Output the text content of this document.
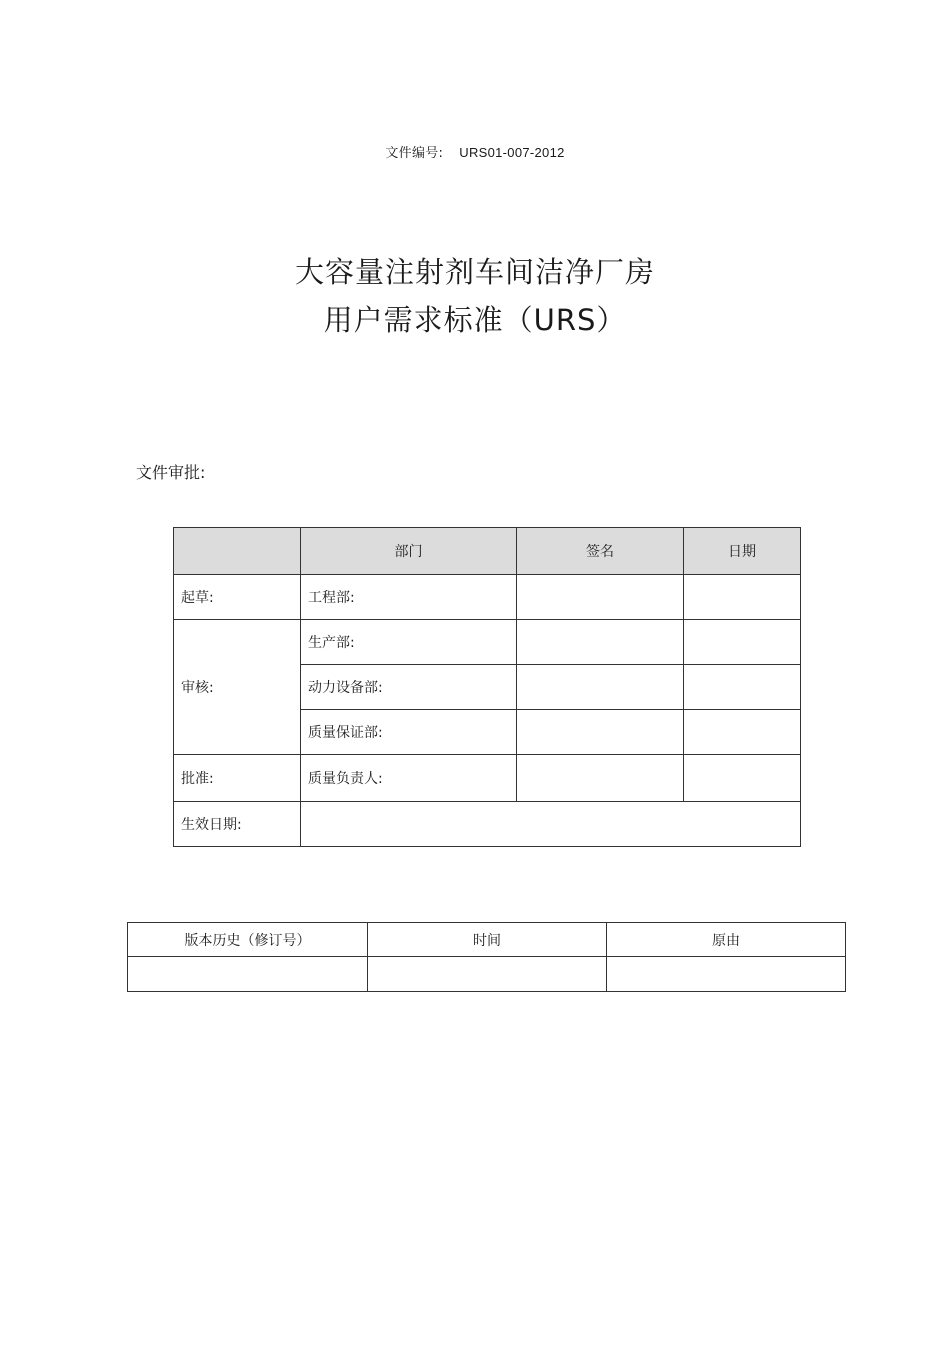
文件编号: URS01-007-2012
大容量注射剂车间洁净厂房
用户需求标准（URS）
文件审批:
	部门	签名	日期
起草:	工程部:		
审核:	生产部:		
	动力设备部:		
	质量保证部:		
批准:	质量负责人:		
生效日期:			
版本历史（修订号）	时间	原由
